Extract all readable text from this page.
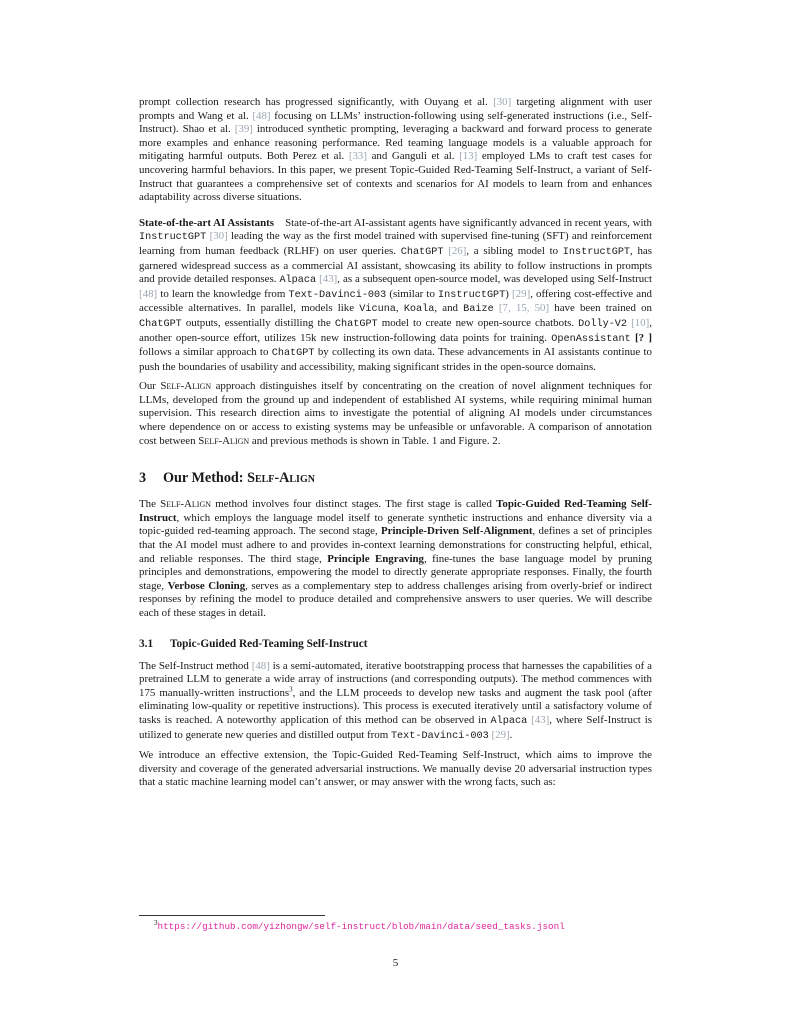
prompt collection research has progressed significantly, with Ouyang et al. [30] targeting alignment with user prompts and Wang et al. [48] focusing on LLMs’ instruction-following using self-generated instructions (i.e., Self-Instruct). Shao et al. [39] introduced synthetic prompting, leveraging a backward and forward process to generate more examples and enhance reasoning performance. Red teaming language models is a valuable approach for mitigating harmful outputs. Both Perez et al. [33] and Ganguli et al. [13] employed LMs to craft test cases for uncovering harmful behaviors. In this paper, we present Topic-Guided Red-Teaming Self-Instruct, a variant of Self-Instruct that guarantees a comprehensive set of contexts and scenarios for AI models to learn from and enhances adaptability across diverse situations.

State-of-the-art AI Assistants State-of-the-art AI-assistant agents have significantly advanced in recent years, with InstructGPT [30] leading the way as the first model trained with supervised fine-tuning (SFT) and reinforcement learning from human feedback (RLHF) on user queries. ChatGPT [26], a sibling model to InstructGPT, has garnered widespread success as a commercial AI assistant, showcasing its ability to follow instructions in prompts and provide detailed responses. Alpaca [43], as a subsequent open-source model, was developed using Self-Instruct [48] to learn the knowledge from Text-Davinci-003 (similar to InstructGPT) [29], offering cost-effective and accessible alternatives. In parallel, models like Vicuna, Koala, and Baize [7, 15, 50] have been trained on ChatGPT outputs, essentially distilling the ChatGPT model to create new open-source chatbots. Dolly-V2 [10], another open-source effort, utilizes 15k new instruction-following data points for training. OpenAssistant [? ] follows a similar approach to ChatGPT by collecting its own data. These advancements in AI assistants continue to push the boundaries of usability and accessibility, making significant strides in the open-source domains.

Our Self-Align approach distinguishes itself by concentrating on the creation of novel alignment techniques for LLMs, developed from the ground up and independent of established AI systems, while requiring minimal human supervision. This research direction aims to investigate the potential of aligning AI models under circumstances where dependence on or access to existing systems may be unfeasible or unfavorable. A comparison of annotation cost between Self-Align and previous methods is shown in Table. 1 and Figure. 2.

3 Our Method: Self-Align

The Self-Align method involves four distinct stages. The first stage is called Topic-Guided Red-Teaming Self-Instruct, which employs the language model itself to generate synthetic instructions and enhance diversity via a topic-guided red-teaming approach. The second stage, Principle-Driven Self-Alignment, defines a set of principles that the AI model must adhere to and provides in-context learning demonstrations for constructing helpful, ethical, and reliable responses. The third stage, Principle Engraving, fine-tunes the base language model by pruning principles and demonstrations, empowering the model to directly generate appropriate responses. Finally, the fourth stage, Verbose Cloning, serves as a complementary step to address challenges arising from overly-brief or indirect responses by refining the model to produce detailed and comprehensive answers to user queries. We will describe each of these stages in detail.

3.1 Topic-Guided Red-Teaming Self-Instruct

The Self-Instruct method [48] is a semi-automated, iterative bootstrapping process that harnesses the capabilities of a pretrained LLM to generate a wide array of instructions (and corresponding outputs). The method commences with 175 manually-written instructions$^3$, and the LLM proceeds to develop new tasks and augment the task pool (after eliminating low-quality or repetitive instructions). This process is executed iteratively until a satisfactory volume of tasks is reached. A noteworthy application of this method can be observed in Alpaca [43], where Self-Instruct is utilized to generate new queries and distilled output from Text-Davinci-003 [29].

We introduce an effective extension, the Topic-Guided Red-Teaming Self-Instruct, which aims to improve the diversity and coverage of the generated adversarial instructions. We manually devise 20 adversarial instruction types that a static machine learning model can’t answer, or may answer with the wrong facts, such as:

$^3$https://github.com/yizhongw/self-instruct/blob/main/data/seed_tasks.jsonl
5
